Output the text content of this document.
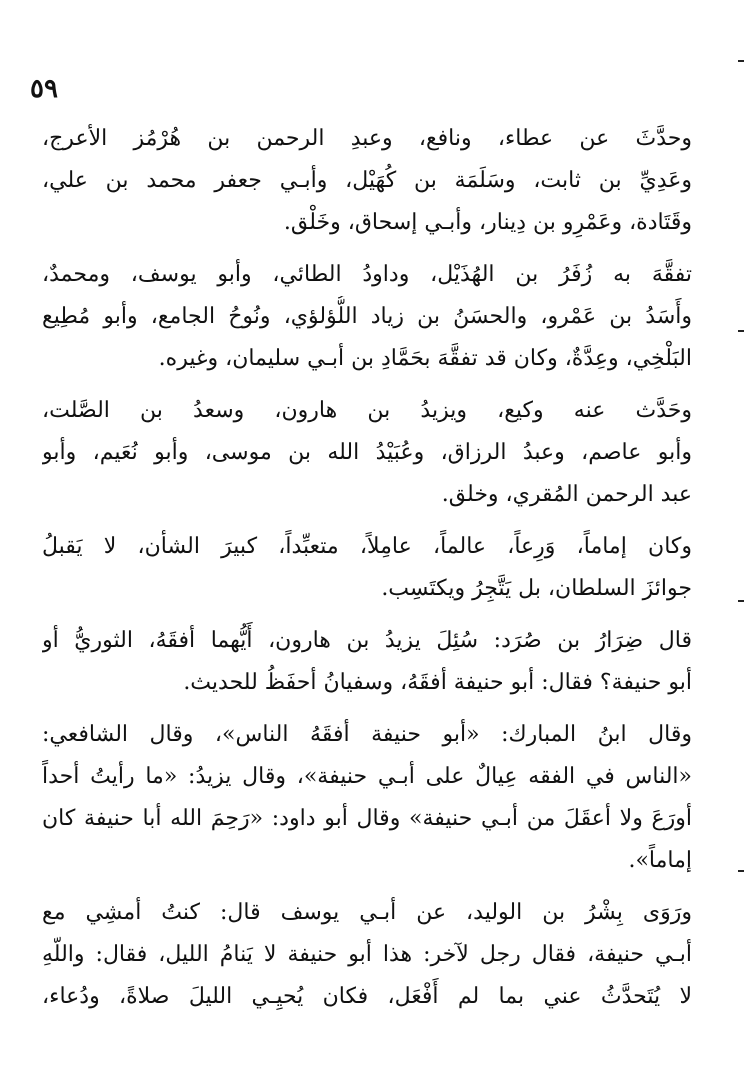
٥٩
وحدَّثَ عن عطاء، ونافع، وعبدِ الرحمن بن هُرْمُز الأعرج،
وعَدِيِّ بن ثابت، وسَلَمَة بن كُهَيْل، وأبـي جعفر محمد بن علي،
وقَتَادة، وعَمْرِو بن دِينار، وأبـي إسحاق، وخَلْق.
تفقَّهَ به زُفَرُ بن الهُذَيْل، وداودُ الطائي، وأبو يوسف، ومحمدٌ،
وأَسَدُ بن عَمْرو، والحسَنُ بن زياد اللُّؤلؤي، ونُوحُ الجامع، وأبو مُطِيع
البَلْخِي، وعِدَّةٌ، وكان قد تفقَّهَ بحَمَّادِ بن أبـي سليمان، وغيره.
وحَدَّث عنه وكيع، ويزيدُ بن هارون، وسعدُ بن الصَّلت،
وأبو عاصم، وعبدُ الرزاق، وعُبَيْدُ الله بن موسى، وأبو نُعَيم، وأبو
عبد الرحمن المُقري، وخلق.
وكان إماماً، وَرِعاً، عالماً، عامِلاً، متعبِّداً، كبيرَ الشأن، لا يَقبلُ
جوائزَ السلطان، بل يَتَّجِرُ ويكتَسِب.
قال ضِرَارُ بن صُرَد: سُئِلَ يزيدُ بن هارون، أَيُّهما أفقَهُ، الثوريُّ أو
أبو حنيفة؟ فقال: أبو حنيفة أفقَهُ، وسفيانُ أحفَظُ للحديث.
وقال ابنُ المبارك: «أبو حنيفة أفقَهُ الناس»، وقال الشافعي:
«الناس في الفقه عِيالٌ على أبـي حنيفة»، وقال يزيدُ: «ما رأيتُ أحداً
أورَعَ ولا أعقَلَ من أبـي حنيفة» وقال أبو داود: «رَحِمَ الله أبا حنيفة كان
إماماً».
ورَوَى بِشْرُ بن الوليد، عن أبـي يوسف قال: كنتُ أمشِي مع
أبـي حنيفة، فقال رجل لآخر: هذا أبو حنيفة لا يَنامُ الليل، فقال: واللّهِ
لا يُتَحدَّثُ عني بما لم أَفْعَل، فكان يُحيِـي الليلَ صلاةً، ودُعاء،
